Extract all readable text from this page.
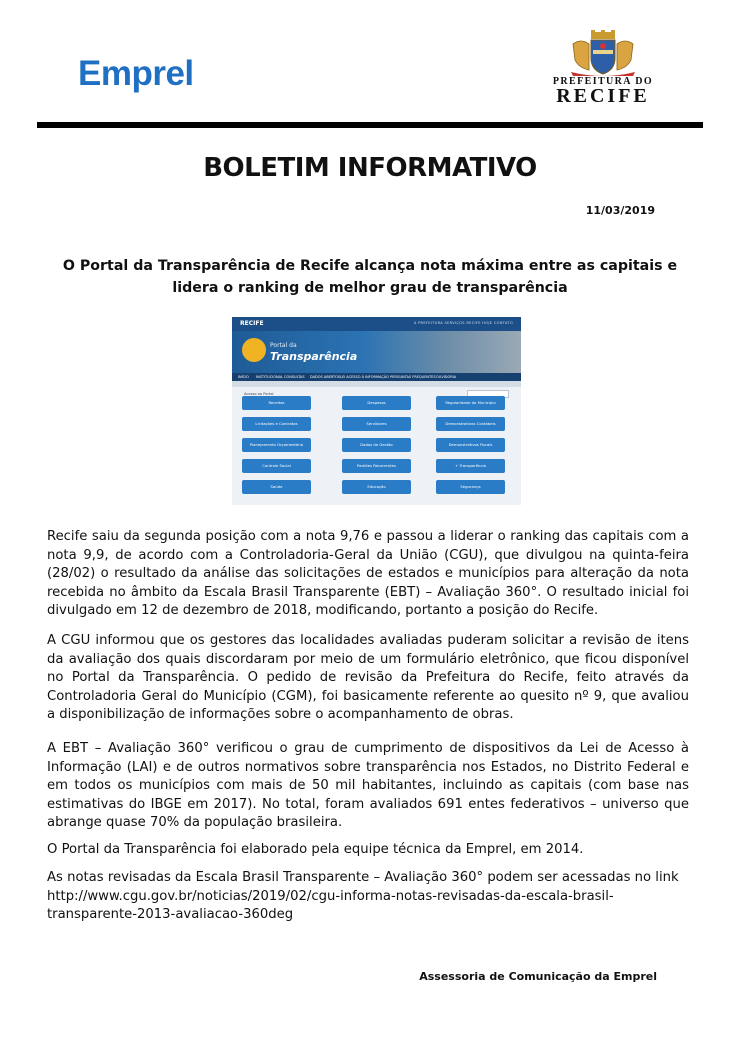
Emprel	PREFEITURA DO
RECIFE
BOLETIM INFORMATIVO
11/03/2019
O Portal da Transparência de Recife alcança nota máxima entre as capitais e lidera o ranking de melhor grau de transparência
RECIFE	A PREFEITURA SERVIÇOS RECIFE HOJE CONTATO
Portal da
Transparência
INÍCIO INSTITUCIONAL CONSULTAS DADOS ABERTOS LEI ACESSO À INFORMAÇÃO PERGUNTAS FREQUENTES OUVIDORIA
Acesso ao Portal
Receitas	Despesas	Regularidade do Município
Licitações e Contratos	Servidores	Demonstrativos Contábeis
Planejamento Orçamentário	Dados de Gestão	Demonstrativos Fiscais
Controle Social	Padrões Recorrentes	+ Transparência
Saúde	Educação	Segurança
Recife saiu da segunda posição com a nota 9,76 e passou a liderar o ranking das capitais com a nota 9,9, de acordo com a Controladoria-Geral da União (CGU), que divulgou na quinta-feira (28/02) o resultado da análise das solicitações de estados e municípios para alteração da nota recebida no âmbito da Escala Brasil Transparente (EBT) – Avaliação 360°. O resultado inicial foi divulgado em 12 de dezembro de 2018, modificando, portanto a posição do Recife.
A CGU informou que os gestores das localidades avaliadas puderam solicitar a revisão de itens da avaliação dos quais discordaram por meio de um formulário eletrônico, que ficou disponível no Portal da Transparência. O pedido de revisão da Prefeitura do Recife, feito através da Controladoria Geral do Município (CGM), foi basicamente referente ao quesito nº 9, que avaliou a disponibilização de informações sobre o acompanhamento de obras.
A EBT – Avaliação 360° verificou o grau de cumprimento de dispositivos da Lei de Acesso à Informação (LAI) e de outros normativos sobre transparência nos Estados, no Distrito Federal e em todos os municípios com mais de 50 mil habitantes, incluindo as capitais (com base nas estimativas do IBGE em 2017). No total, foram avaliados 691 entes federativos – universo que abrange quase 70% da população brasileira.
O Portal da Transparência foi elaborado pela equipe técnica da Emprel, em 2014.
As notas revisadas da Escala Brasil Transparente – Avaliação 360° podem ser acessadas no link http://www.cgu.gov.br/noticias/2019/02/cgu-informa-notas-revisadas-da-escala-brasil-transparente-2013-avaliacao-360deg
Assessoria de Comunicação da Emprel
